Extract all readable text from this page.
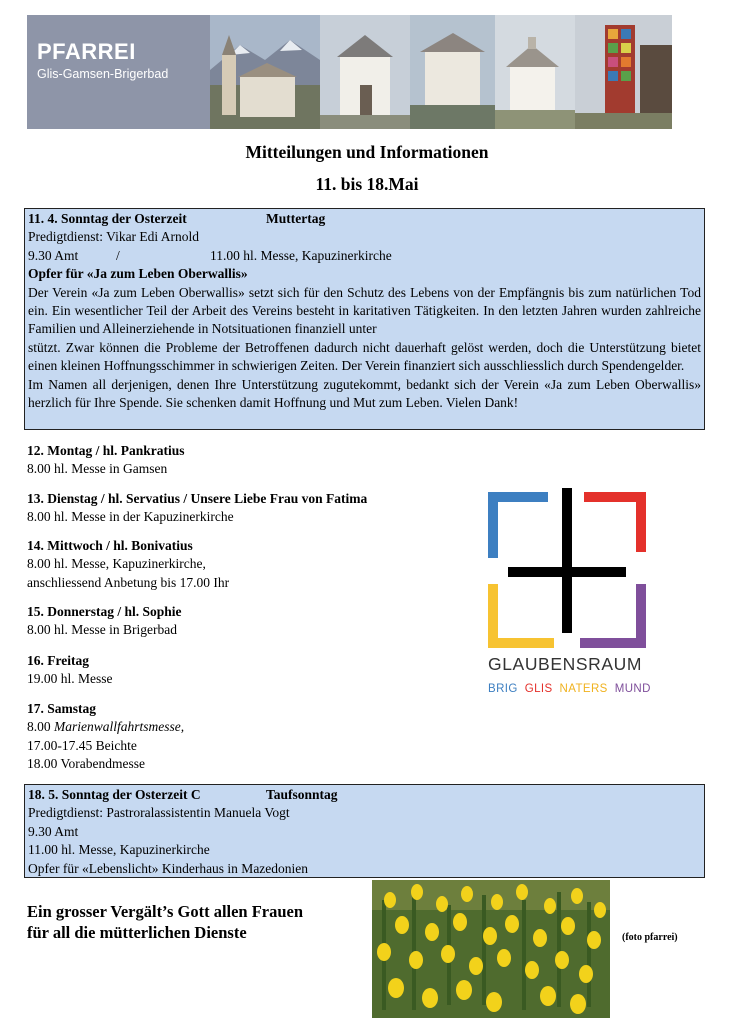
PFARREI
Glis-Gamsen-Brigerbad
Mitteilungen und Informationen
11. bis 18.Mai
11. 4. Sonntag der Osterzeit	Muttertag
Predigtdienst: Vikar Edi Arnold
9.30 Amt	/	11.00 hl. Messe, Kapuzinerkirche
Opfer für «Ja zum Leben Oberwallis»
Der Verein «Ja zum Leben Oberwallis» setzt sich für den Schutz des Lebens von der Empfängnis bis zum natürlichen Tod ein. Ein wesentlicher Teil der Arbeit des Vereins besteht in karitativen Tätigkeiten. In den letzten Jahren wurden zahlreiche Familien und Alleinerziehende in Notsituationen finanziell unter
stützt. Zwar können die Probleme der Betroffenen dadurch nicht dauerhaft gelöst werden, doch die Unterstützung bietet einen kleinen Hoffnungsschimmer in schwierigen Zeiten. Der Verein finanziert sich ausschliesslich durch Spendengelder.
Im Namen all derjenigen, denen Ihre Unterstützung zugutekommt, bedankt sich der Verein «Ja zum Leben Oberwallis» herzlich für Ihre Spende. Sie schenken damit Hoffnung und Mut zum Leben. Vielen Dank!
12. Montag / hl. Pankratius
8.00 hl. Messe in Gamsen
13. Dienstag / hl. Servatius / Unsere Liebe Frau von Fatima
8.00 hl. Messe in der Kapuzinerkirche
14. Mittwoch / hl. Bonivatius
8.00 hl. Messe, Kapuzinerkirche,
anschliessend Anbetung bis 17.00 Ihr
15. Donnerstag / hl. Sophie
8.00 hl. Messe in Brigerbad
16. Freitag
19.00 hl. Messe
17. Samstag
8.00 Marienwallfahrtsmesse,
17.00-17.45 Beichte
18.00 Vorabendmesse
GLAUBENSRAUM
BRIG GLIS NATERS MUND
18. 5. Sonntag der Osterzeit C	Taufsonntag
Predigtdienst: Pastroralassistentin Manuela Vogt
9.30 Amt
11.00 hl. Messe, Kapuzinerkirche
Opfer für «Lebenslicht» Kinderhaus in Mazedonien
Ein grosser Vergält’s Gott allen Frauen
für all die mütterlichen Dienste	(foto pfarrei)
